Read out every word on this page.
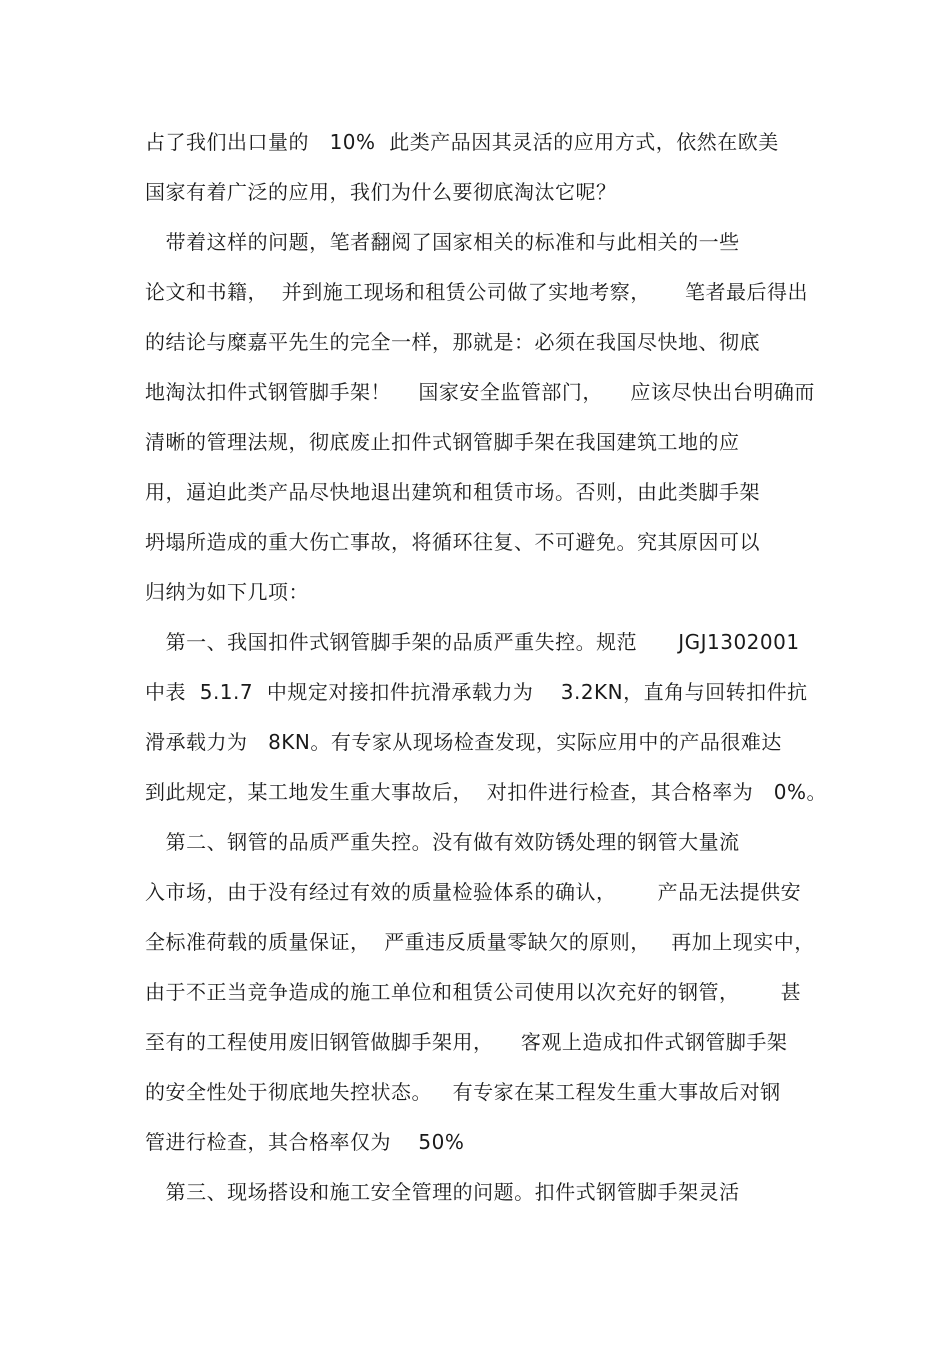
占了我们出口量的   10%  此类产品因其灵活的应用方式，依然在欧美
国家有着广泛的应用，我们为什么要彻底淘汰它呢？
带着这样的问题，笔者翻阅了国家相关的标准和与此相关的一些
论文和书籍，  并到施工现场和租赁公司做了实地考察，     笔者最后得出
的结论与糜嘉平先生的完全一样，那就是：必须在我国尽快地、彻底
地淘汰扣件式钢管脚手架！    国家安全监管部门，    应该尽快出台明确而
清晰的管理法规，彻底废止扣件式钢管脚手架在我国建筑工地的应
用，逼迫此类产品尽快地退出建筑和租赁市场。否则，由此类脚手架
坍塌所造成的重大伤亡事故，将循环往复、不可避免。究其原因可以
归纳为如下几项：
第一、我国扣件式钢管脚手架的品质严重失控。规范      JGJ1302001
中表  5.1.7  中规定对接扣件抗滑承载力为    3.2KN，直角与回转扣件抗
滑承载力为   8KN。有专家从现场检查发现，实际应用中的产品很难达
到此规定，某工地发生重大事故后，  对扣件进行检查，其合格率为   0%。
第二、钢管的品质严重失控。没有做有效防锈处理的钢管大量流
入市场，由于没有经过有效的质量检验体系的确认，      产品无法提供安
全标准荷载的质量保证，  严重违反质量零缺欠的原则，   再加上现实中，
由于不正当竞争造成的施工单位和租赁公司使用以次充好的钢管，      甚
至有的工程使用废旧钢管做脚手架用，    客观上造成扣件式钢管脚手架
的安全性处于彻底地失控状态。   有专家在某工程发生重大事故后对钢
管进行检查，其合格率仅为    50%
第三、现场搭设和施工安全管理的问题。扣件式钢管脚手架灵活
